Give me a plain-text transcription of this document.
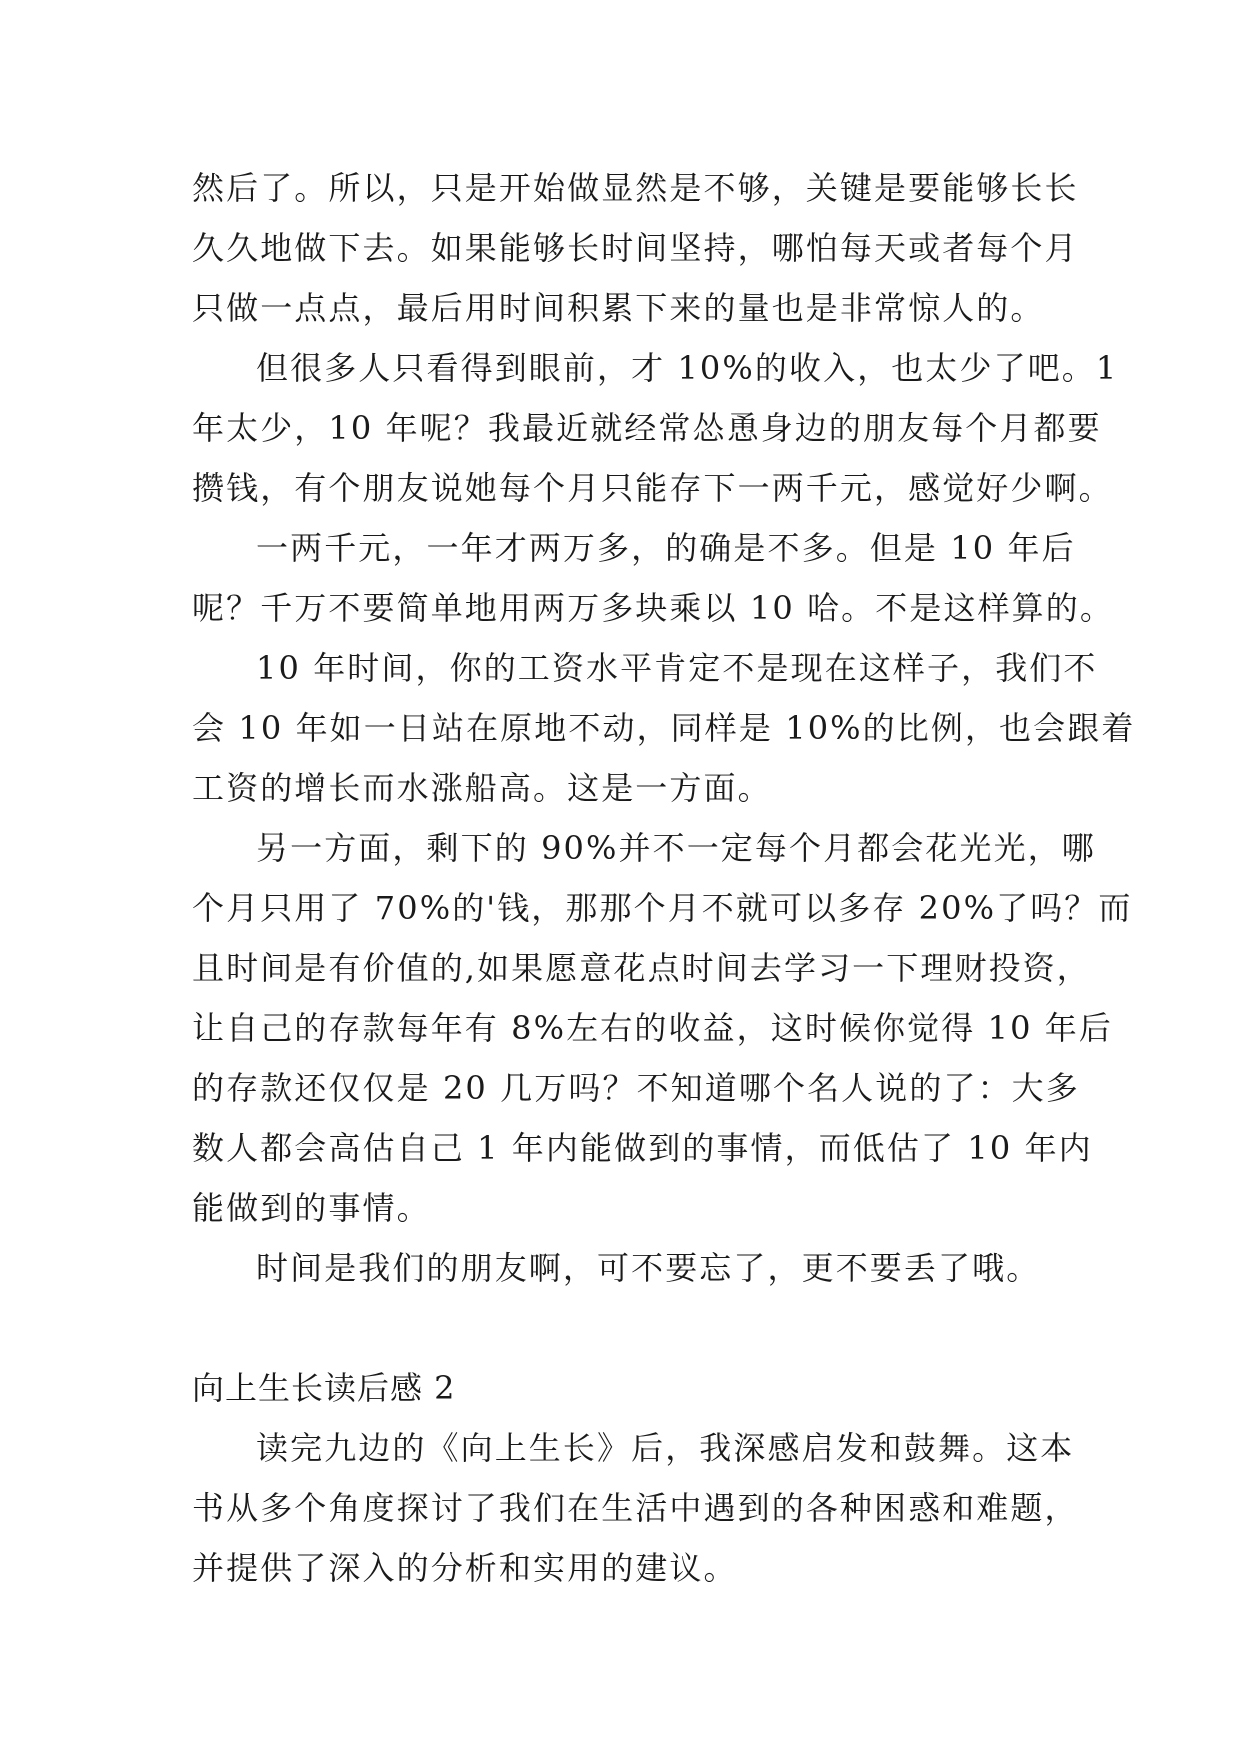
然后了。所以，只是开始做显然是不够，关键是要能够长长
久久地做下去。如果能够长时间坚持，哪怕每天或者每个月
只做一点点，最后用时间积累下来的量也是非常惊人的。
但很多人只看得到眼前，才 10%的收入，也太少了吧。1
年太少，10 年呢？我最近就经常怂恿身边的朋友每个月都要
攒钱，有个朋友说她每个月只能存下一两千元，感觉好少啊。
一两千元，一年才两万多，的确是不多。但是 10 年后
呢？千万不要简单地用两万多块乘以 10 哈。不是这样算的。
10 年时间，你的工资水平肯定不是现在这样子，我们不
会 10 年如一日站在原地不动，同样是 10%的比例，也会跟着
工资的增长而水涨船高。这是一方面。
另一方面，剩下的 90%并不一定每个月都会花光光，哪
个月只用了 70%的'钱，那那个月不就可以多存 20%了吗？而
且时间是有价值的,如果愿意花点时间去学习一下理财投资，
让自己的存款每年有 8%左右的收益，这时候你觉得 10 年后
的存款还仅仅是 20 几万吗？不知道哪个名人说的了：大多
数人都会高估自己 1 年内能做到的事情，而低估了 10 年内
能做到的事情。
时间是我们的朋友啊，可不要忘了，更不要丢了哦。
向上生长读后感 2
读完九边的《向上生长》后，我深感启发和鼓舞。这本
书从多个角度探讨了我们在生活中遇到的各种困惑和难题，
并提供了深入的分析和实用的建议。
